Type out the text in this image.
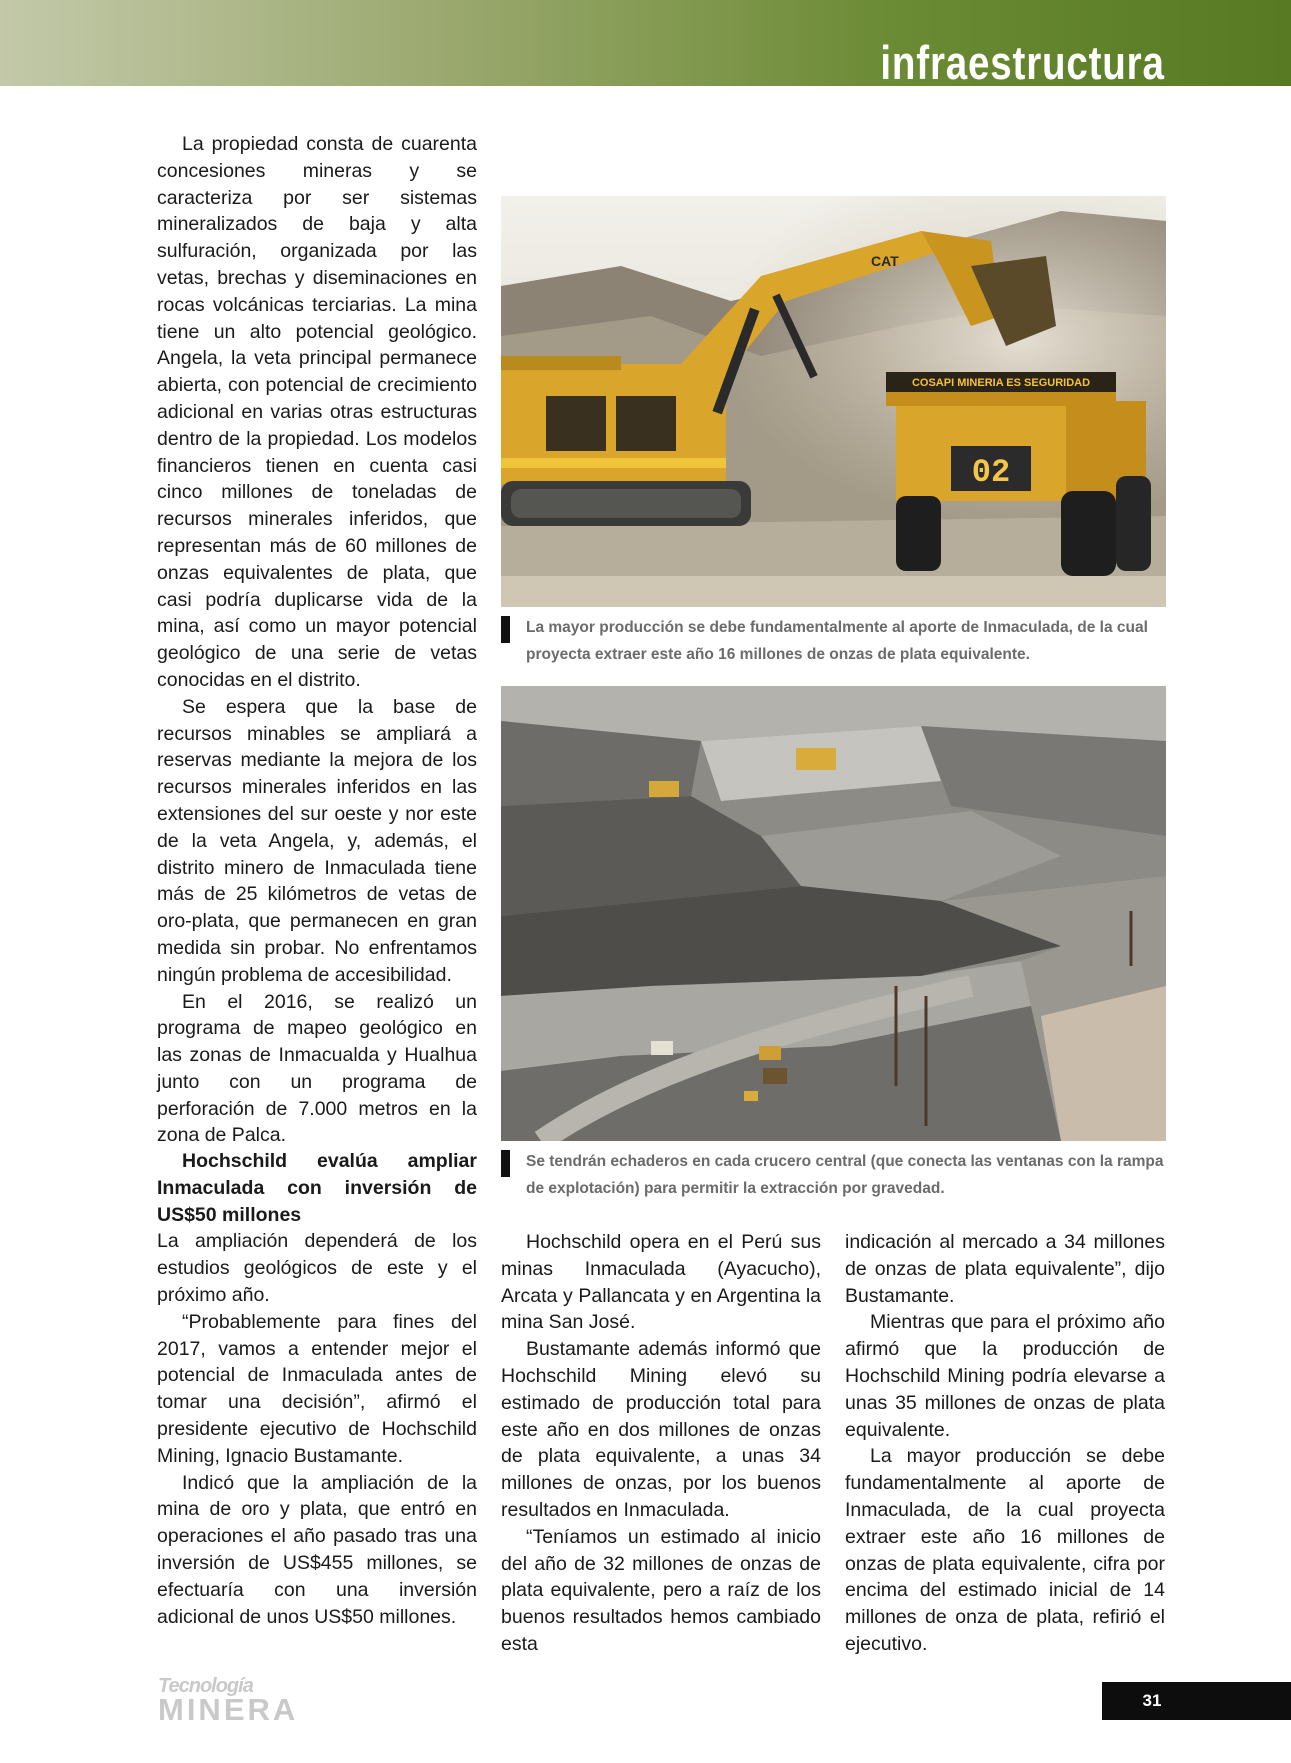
infraestructura

La propiedad consta de cuarenta concesiones mineras y se caracteriza por ser sistemas mineralizados de baja y alta sulfuración, organizada por las vetas, brechas y diseminaciones en rocas volcánicas terciarias. La mina tiene un alto potencial geológico. Angela, la veta principal permanece abierta, con potencial de crecimiento adicional en varias otras estructuras dentro de la propiedad. Los modelos financieros tienen en cuenta casi cinco millones de toneladas de recursos minerales inferidos, que representan más de 60 millones de onzas equivalentes de plata, que casi podría duplicarse vida de la mina, así como un mayor potencial geológico de una serie de vetas conocidas en el distrito.

Se espera que la base de recursos minables se ampliará a reservas mediante la mejora de los recursos minerales inferidos en las extensiones del sur oeste y nor este de la veta Angela, y, además, el distrito minero de Inmaculada tiene más de 25 kilómetros de vetas de oro-plata, que permanecen en gran medida sin probar. No enfrentamos ningún problema de accesibilidad.

En el 2016, se realizó un programa de mapeo geológico en las zonas de Inmacualda y Hualhua junto con un programa de perforación de 7.000 metros en la zona de Palca.

Hochschild evalúa ampliar Inmaculada con inversión de US$50 millones

La ampliación dependerá de los estudios geológicos de este y el próximo año.

“Probablemente para fines del 2017, vamos a entender mejor el potencial de Inmaculada antes de tomar una decisión”, afirmó el presidente ejecutivo de Hochschild Mining, Ignacio Bustamante.

Indicó que la ampliación de la mina de oro y plata, que entró en operaciones el año pasado tras una inversión de US$455 millones, se efectuaría con una inversión adicional de unos US$50 millones.

CAT
COSAPI MINERIA ES SEGURIDAD
02
La mayor producción se debe fundamentalmente al aporte de Inmaculada, de la cual proyecta extraer este año 16 millones de onzas de plata equivalente.
Se tendrán echaderos en cada crucero central (que conecta las ventanas con la rampa de explotación) para permitir la extracción por gravedad.

Hochschild opera en el Perú sus minas Inmaculada (Ayacucho), Arcata y Pallancata y en Argentina la mina San José.

Bustamante además informó que Hochschild Mining elevó su estimado de producción total para este año en dos millones de onzas de plata equivalente, a unas 34 millones de onzas, por los buenos resultados en Inmaculada.

“Teníamos un estimado al inicio del año de 32 millones de onzas de plata equivalente, pero a raíz de los buenos resultados hemos cambiado esta

indicación al mercado a 34 millones de onzas de plata equivalente”, dijo Bustamante.

Mientras que para el próximo año afirmó que la producción de Hochschild Mining podría elevarse a unas 35 millones de onzas de plata equivalente.

La mayor producción se debe fundamentalmente al aporte de Inmaculada, de la cual proyecta extraer este año 16 millones de onzas de plata equivalente, cifra por encima del estimado inicial de 14 millones de onza de plata, refirió el ejecutivo.

Tecnología
MINERA	31
